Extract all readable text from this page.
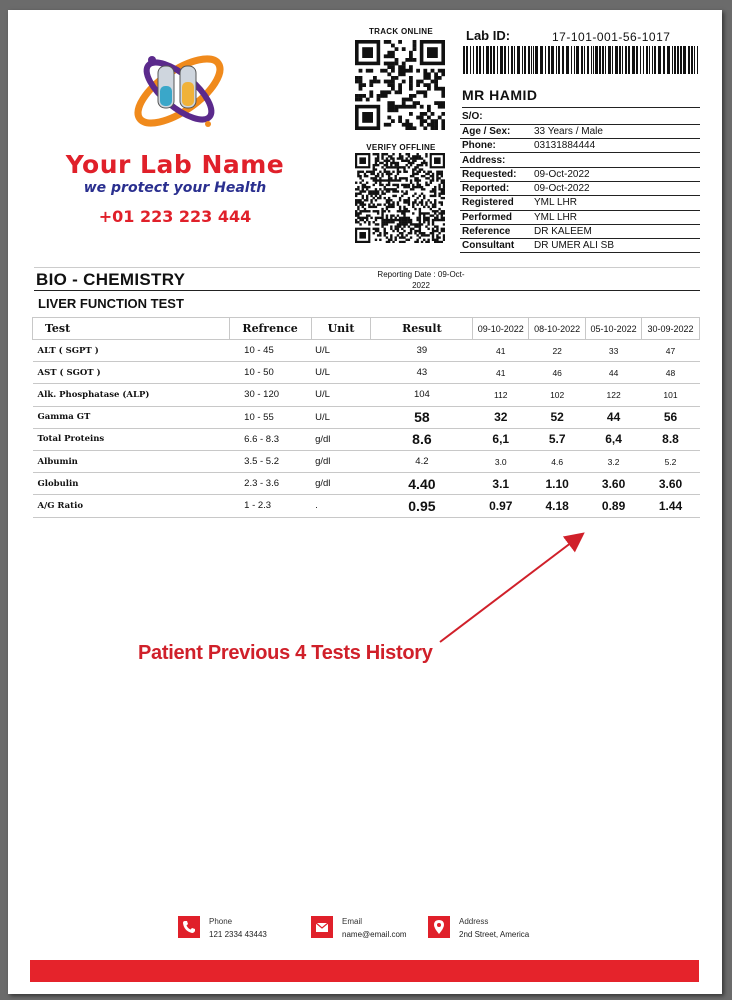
Your Lab Name
we protect your Health
+01 223 223 444
TRACK ONLINE
VERIFY OFFLINE
Lab ID:	17-101-001-56-1017
MR HAMID
S/O:	
Age / Sex:	33 Years / Male
Phone:	03131884444
Address:	
Requested:	09-Oct-2022
Reported:	09-Oct-2022
Registered	YML LHR
Performed	YML LHR
Reference	DR KALEEM
Consultant	DR UMER ALI SB
BIO - CHEMISTRY	Reporting Date : 09-Oct-
2022
LIVER FUNCTION TEST
Test	Refrence	Unit	Result	09-10-2022	08-10-2022	05-10-2022	30-09-2022
ALT ( SGPT )	10 - 45	U/L	39	41	22	33	47
AST ( SGOT )	10 - 50	U/L	43	41	46	44	48
Alk. Phosphatase (ALP)	30 - 120	U/L	104	112	102	122	101
Gamma GT	10 - 55	U/L	58	32	52	44	56
Total Proteins	6.6 - 8.3	g/dl	8.6	6,1	5.7	6,4	8.8
Albumin	3.5 - 5.2	g/dl	4.2	3.0	4.6	3.2	5.2
Globulin	2.3 - 3.6	g/dl	4.40	3.1	1.10	3.60	3.60
A/G Ratio	1 - 2.3	.	0.95	0.97	4.18	0.89	1.44
Patient Previous 4 Tests History
Phone
121 2334 43443
Email
name@email.com
Address
2nd Street, America
